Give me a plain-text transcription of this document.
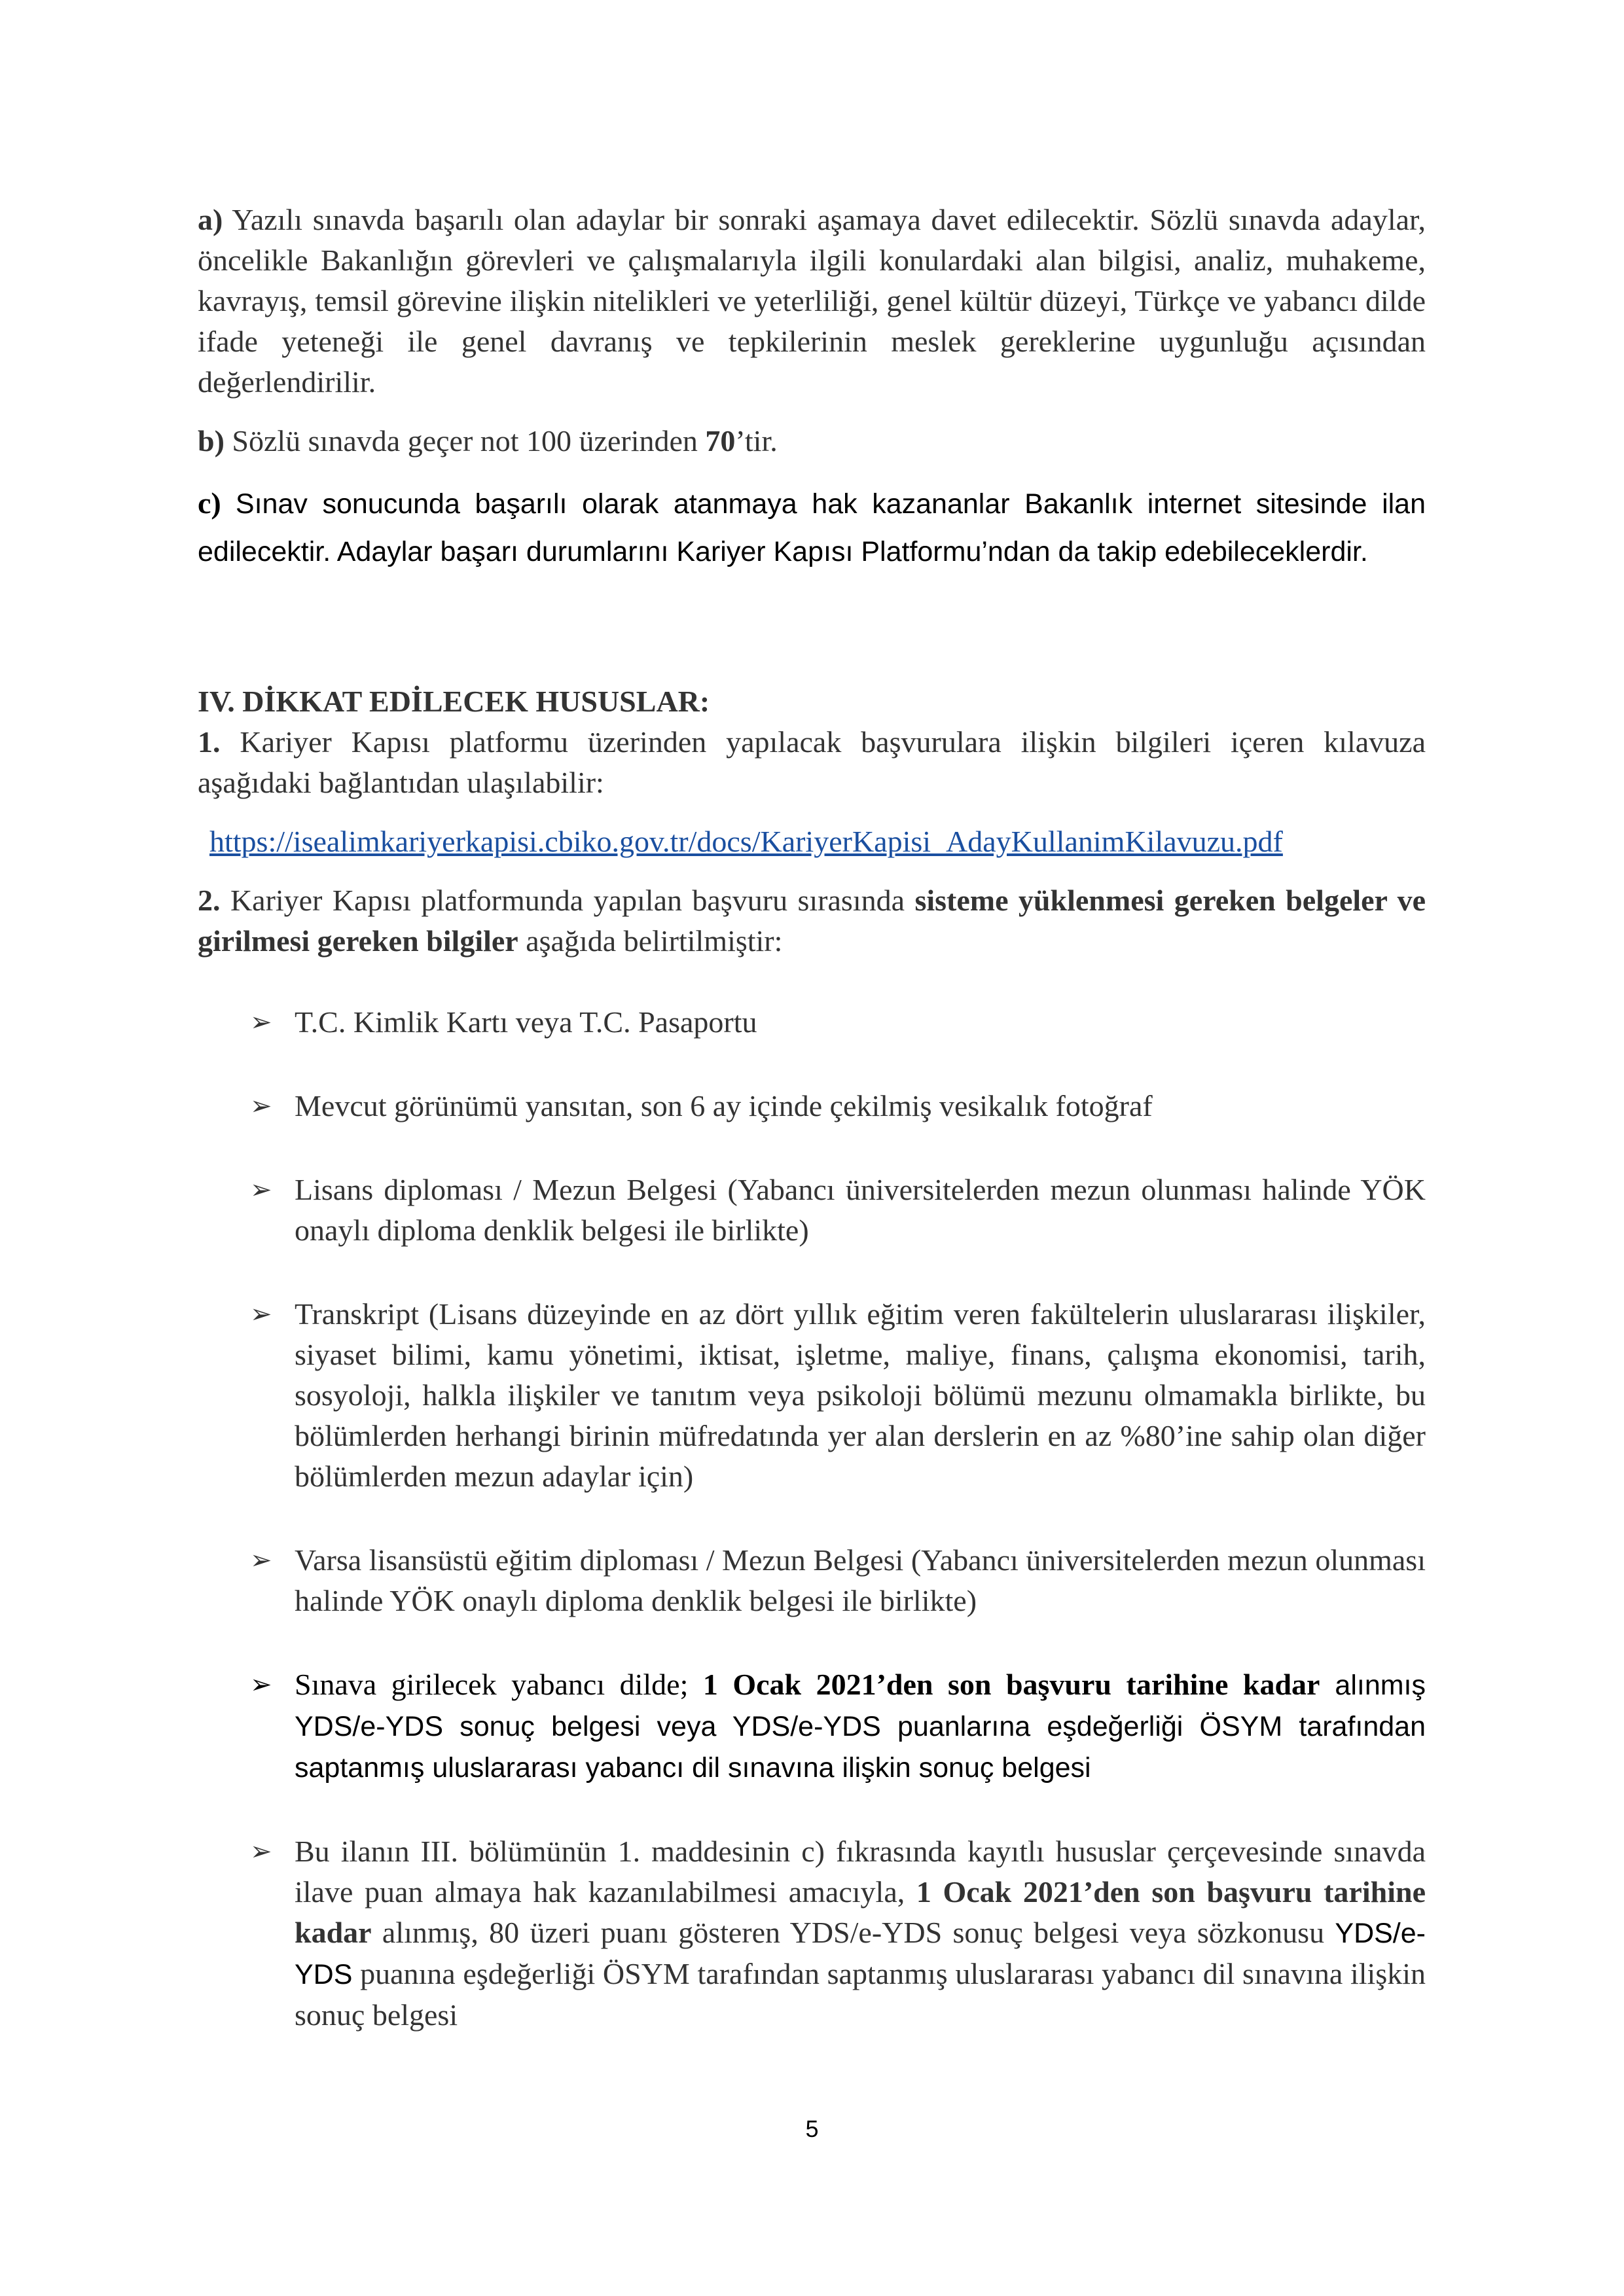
a) Yazılı sınavda başarılı olan adaylar bir sonraki aşamaya davet edilecektir. Sözlü sınavda adaylar, öncelikle Bakanlığın görevleri ve çalışmalarıyla ilgili konulardaki alan bilgisi, analiz, muhakeme, kavrayış, temsil görevine ilişkin nitelikleri ve yeterliliği, genel kültür düzeyi, Türkçe ve yabancı dilde ifade yeteneği ile genel davranış ve tepkilerinin meslek gereklerine uygunluğu açısından değerlendirilir.

b) Sözlü sınavda geçer not 100 üzerinden 70’tir.

c) Sınav sonucunda başarılı olarak atanmaya hak kazananlar Bakanlık internet sitesinde ilan edilecektir. Adaylar başarı durumlarını Kariyer Kapısı Platformu’ndan da takip edebileceklerdir.

IV. DİKKAT EDİLECEK HUSUSLAR:

1. Kariyer Kapısı platformu üzerinden yapılacak başvurulara ilişkin bilgileri içeren kılavuza aşağıdaki bağlantıdan ulaşılabilir:

https://isealimkariyerkapisi.cbiko.gov.tr/docs/KariyerKapisi_AdayKullanimKilavuzu.pdf

2. Kariyer Kapısı platformunda yapılan başvuru sırasında sisteme yüklenmesi gereken belgeler ve girilmesi gereken bilgiler aşağıda belirtilmiştir:

➢ T.C. Kimlik Kartı veya T.C. Pasaportu
➢ Mevcut görünümü yansıtan, son 6 ay içinde çekilmiş vesikalık fotoğraf
➢ Lisans diploması / Mezun Belgesi (Yabancı üniversitelerden mezun olunması halinde YÖK onaylı diploma denklik belgesi ile birlikte)
➢ Transkript (Lisans düzeyinde en az dört yıllık eğitim veren fakültelerin uluslararası ilişkiler, siyaset bilimi, kamu yönetimi, iktisat, işletme, maliye, finans, çalışma ekonomisi, tarih, sosyoloji, halkla ilişkiler ve tanıtım veya psikoloji bölümü mezunu olmamakla birlikte, bu bölümlerden herhangi birinin müfredatında yer alan derslerin en az %80’ine sahip olan diğer bölümlerden mezun adaylar için)
➢ Varsa lisansüstü eğitim diploması / Mezun Belgesi (Yabancı üniversitelerden mezun olunması halinde YÖK onaylı diploma denklik belgesi ile birlikte)
➢ Sınava girilecek yabancı dilde; 1 Ocak 2021’den son başvuru tarihine kadar alınmış YDS/e-YDS sonuç belgesi veya YDS/e-YDS puanlarına eşdeğerliği ÖSYM tarafından saptanmış uluslararası yabancı dil sınavına ilişkin sonuç belgesi
➢ Bu ilanın III. bölümünün 1. maddesinin c) fıkrasında kayıtlı hususlar çerçevesinde sınavda ilave puan almaya hak kazanılabilmesi amacıyla, 1 Ocak 2021’den son başvuru tarihine kadar alınmış, 80 üzeri puanı gösteren YDS/e-YDS sonuç belgesi veya sözkonusu YDS/e-YDS puanına eşdeğerliği ÖSYM tarafından saptanmış uluslararası yabancı dil sınavına ilişkin sonuç belgesi
5
